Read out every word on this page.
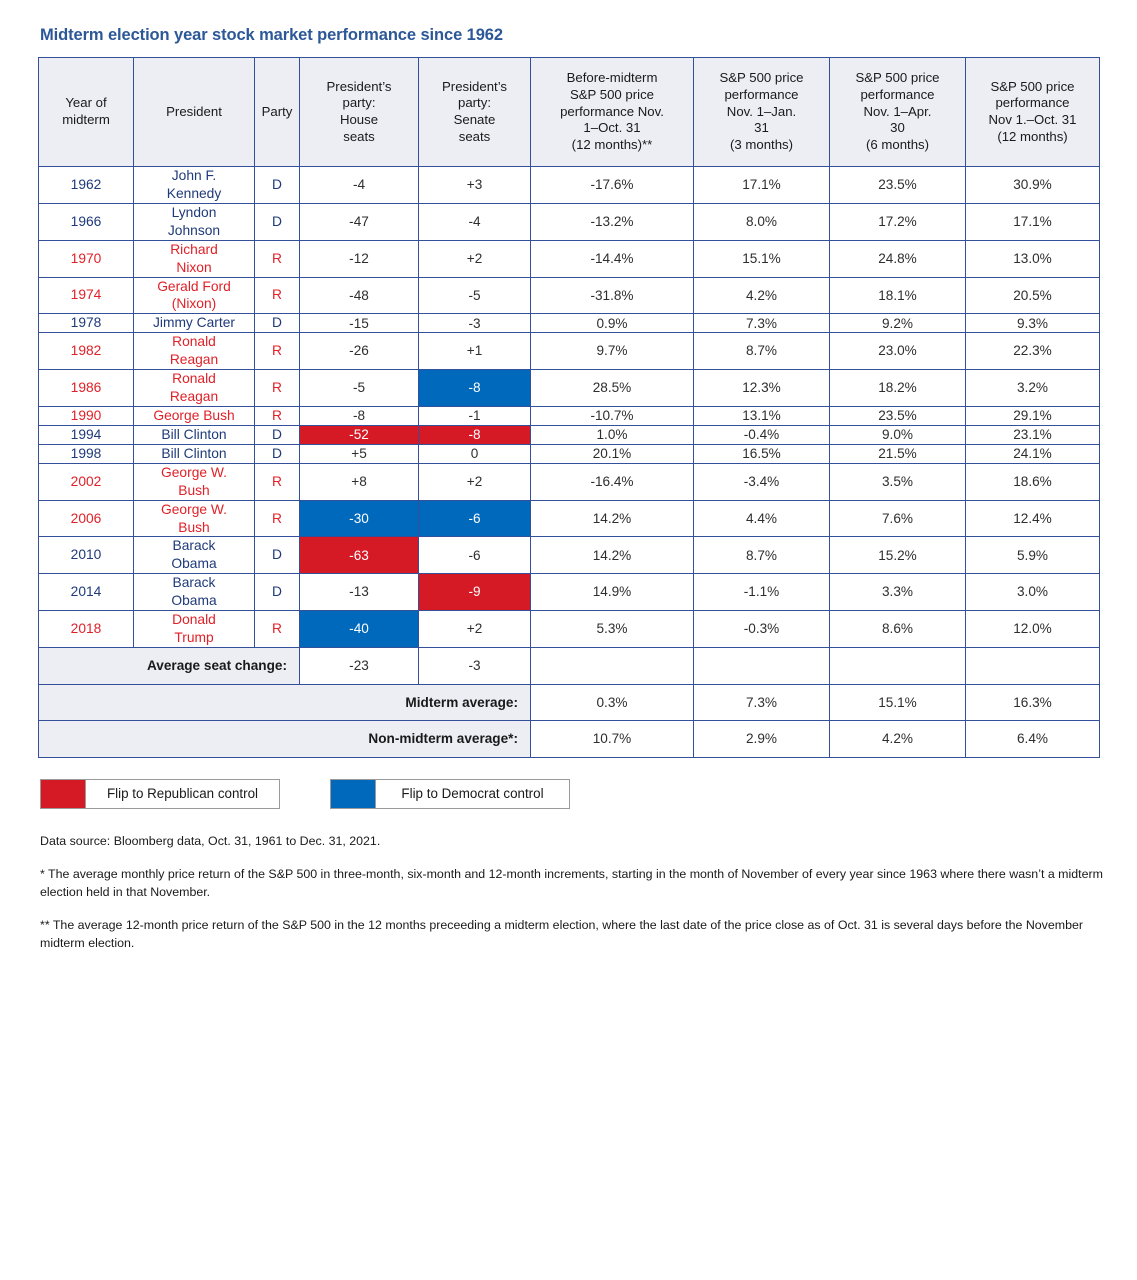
Midterm election year stock market performance since 1962
Year of
midterm	President	Party	President’s
party:
House
seats	President’s
party:
Senate
seats	Before-midterm
S&P 500 price
performance Nov.
1–Oct. 31
(12 months)**	S&P 500 price
performance
Nov. 1–Jan.
31
(3 months)	S&P 500 price
performance
Nov. 1–Apr.
30
(6 months)	S&P 500 price
performance
Nov 1.–Oct. 31
(12 months)

1962	John F.
Kennedy	D	-4	+3	-17.6%	17.1%	23.5%	30.9%
1966	Lyndon
Johnson	D	-47	-4	-13.2%	8.0%	17.2%	17.1%
1970	Richard
Nixon	R	-12	+2	-14.4%	15.1%	24.8%	13.0%
1974	Gerald Ford
(Nixon)	R	-48	-5	-31.8%	4.2%	18.1%	20.5%
1978	Jimmy Carter	D	-15	-3	0.9%	7.3%	9.2%	9.3%
1982	Ronald
Reagan	R	-26	+1	9.7%	8.7%	23.0%	22.3%
1986	Ronald
Reagan	R	-5	-8	28.5%	12.3%	18.2%	3.2%
1990	George Bush	R	-8	-1	-10.7%	13.1%	23.5%	29.1%
1994	Bill Clinton	D	-52	-8	1.0%	-0.4%	9.0%	23.1%
1998	Bill Clinton	D	+5	0	20.1%	16.5%	21.5%	24.1%
2002	George W.
Bush	R	+8	+2	-16.4%	-3.4%	3.5%	18.6%
2006	George W.
Bush	R	-30	-6	14.2%	4.4%	7.6%	12.4%
2010	Barack
Obama	D	-63	-6	14.2%	8.7%	15.2%	5.9%
2014	Barack
Obama	D	-13	-9	14.9%	-1.1%	3.3%	3.0%
2018	Donald
Trump	R	-40	+2	5.3%	-0.3%	8.6%	12.0%
Average seat change:			-23	-3				
Midterm average:					0.3%	7.3%	15.1%	16.3%
Non-midterm average*:					10.7%	2.9%	4.2%	6.4%
Flip to Republican control	Flip to Democrat control

Data source: Bloomberg data, Oct. 31, 1961 to Dec. 31, 2021.

* The average monthly price return of the S&P 500 in three-month, six-month and 12-month increments, starting in the month of November of every year since 1963 where there wasn’t a midterm election held in that November.

** The average 12-month price return of the S&P 500 in the 12 months preceeding a midterm election, where the last date of the price close as of Oct. 31 is several days before the November midterm election.
